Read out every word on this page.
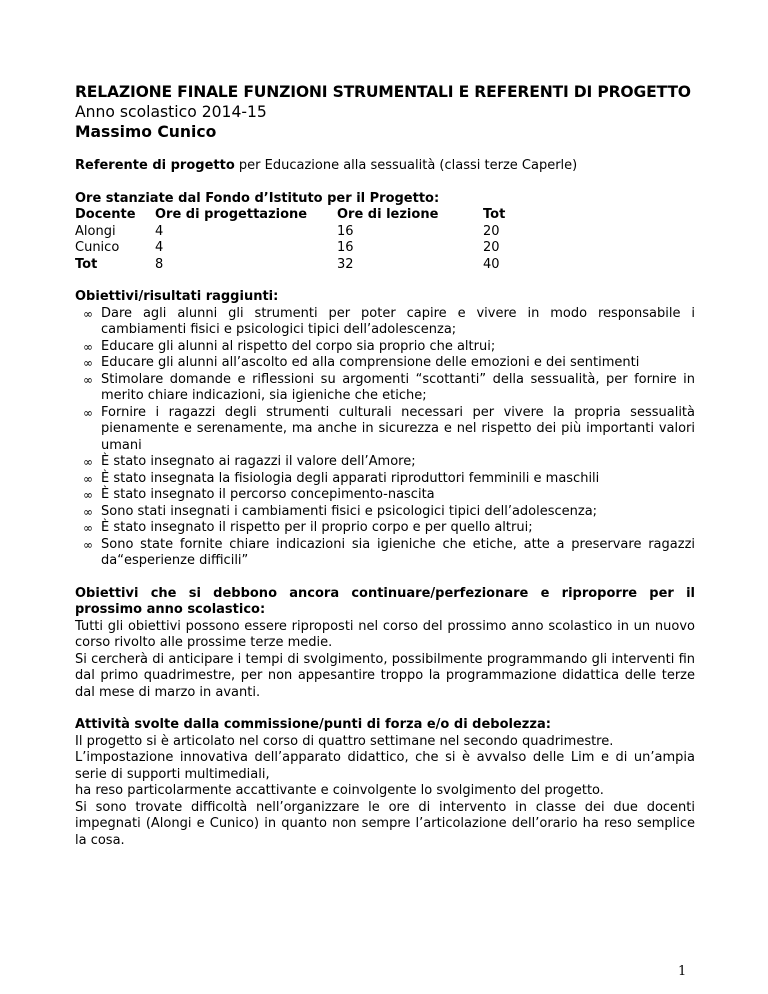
RELAZIONE FINALE FUNZIONI STRUMENTALI E REFERENTI DI PROGETTO

Anno scolastico 2014-15

Massimo Cunico

Referente di progetto per Educazione alla sessualità (classi terze Caperle)
Ore stanziate dal Fondo d’Istituto per il Progetto:
Docente	Ore di progettazione	Ore di lezione	Tot
Alongi	4	16	20
Cunico	4	16	20
Tot	8	32	40
Obiettivi/risultati raggiunti:
∞ Dare agli alunni gli strumenti per poter capire e vivere in modo responsabile i cambiamenti fisici e psicologici tipici dell’adolescenza;
∞ Educare gli alunni al rispetto del corpo sia proprio che altrui;
∞ Educare gli alunni all’ascolto ed alla comprensione delle emozioni e dei sentimenti
∞ Stimolare domande e riflessioni su argomenti “scottanti” della sessualità, per fornire in merito chiare indicazioni, sia igieniche che etiche;
∞ Fornire i ragazzi degli strumenti culturali necessari per vivere la propria sessualità pienamente e serenamente, ma anche in sicurezza e nel rispetto dei più importanti valori umani
∞ È stato insegnato ai ragazzi il valore dell’Amore;
∞ È stato insegnata la fisiologia degli apparati riproduttori femminili e maschili
∞ È stato insegnato il percorso concepimento-nascita
∞ Sono stati insegnati i cambiamenti fisici e psicologici tipici dell’adolescenza;
∞ È stato insegnato il rispetto per il proprio corpo e per quello altrui;
∞ Sono state fornite chiare indicazioni sia igieniche che etiche, atte a preservare ragazzi da“esperienze difficili”

Obiettivi che si debbono ancora continuare/perfezionare e riproporre per il prossimo anno scolastico:

Tutti gli obiettivi possono essere riproposti nel corso del prossimo anno scolastico in un nuovo corso rivolto alle prossime terze medie.

Si cercherà di anticipare i tempi di svolgimento, possibilmente programmando gli interventi fin dal primo quadrimestre, per non appesantire troppo la programmazione didattica delle terze dal mese di marzo in avanti.

Attività svolte dalla commissione/punti di forza e/o di debolezza:

Il progetto si è articolato nel corso di quattro settimane nel secondo quadrimestre.

L’impostazione innovativa dell’apparato didattico, che si è avvalso delle Lim e di un’ampia serie di supporti multimediali,

ha reso particolarmente accattivante e coinvolgente lo svolgimento del progetto.

Si sono trovate difficoltà nell’organizzare le ore di intervento in classe dei due docenti impegnati (Alongi e Cunico) in quanto non sempre l’articolazione dell’orario ha reso semplice la cosa.

1
